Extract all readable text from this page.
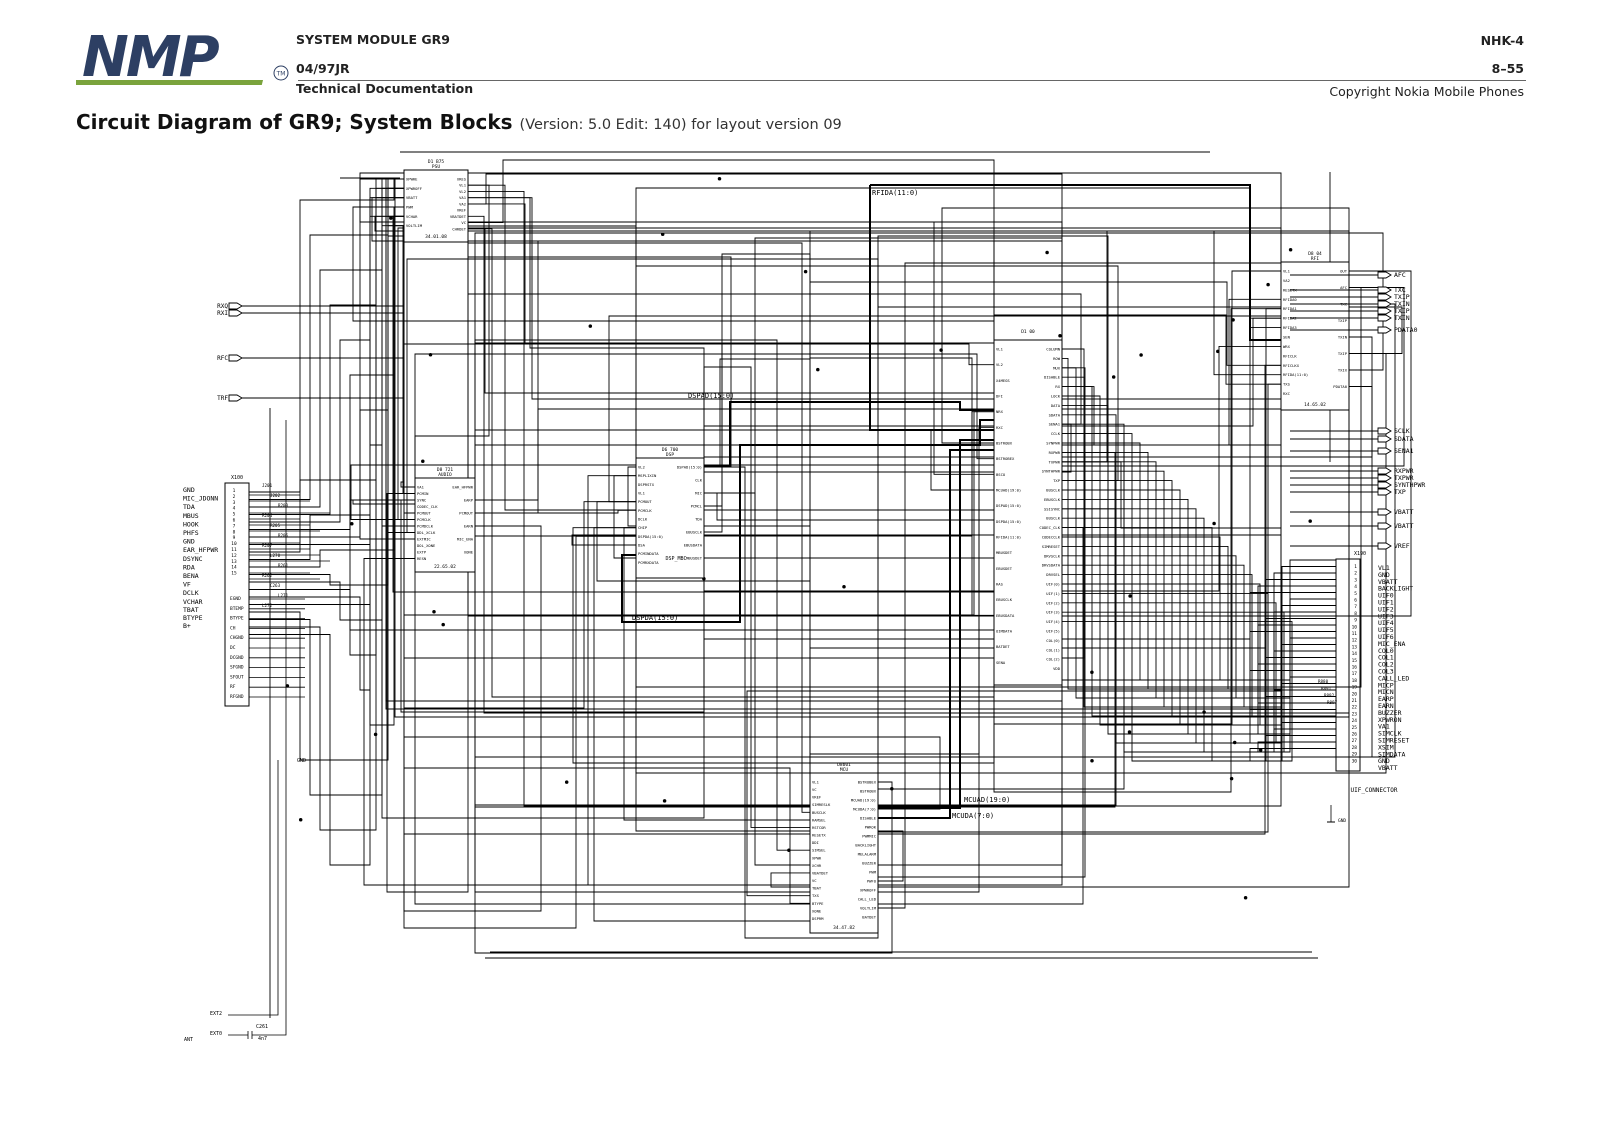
NMP	TM
SYSTEM MODULE GR9
04/97JR
Technical Documentation
NHK-4
8–55
Copyright Nokia Mobile Phones
Circuit Diagram of GR9; System Blocks (Version: 5.0 Edit: 140) for layout version 09
D1 B75
PSU
34.01.08
XPWRE
XPWROFF
VBATT
PWM
VCHAR
VOLTLIM
XRES
VL1
VL2
VA1
VA2
VREF
VBATDET
VC
CHRDET
D8 04
RFI
14.65.02
VL1
VA2
RESETX
RFIDA0
RFIDA1
RFIDA2
RFIDA3
SEN
WRX
RFICLK
RFICLKX
RFIDA(11:0)
TXS
RXC
OUT
AFC
TXC
TXIP
TXIN
TXIP
TXIX
PDATA0
D1 00
VL1
VL2
X4MEGS
DFI
NRX
RXC
BSTROBX
BSTROBEX
BSCO
MCUAD(19:0)
DSPAD(15:0)
DSPDA(15:0)
RFIDA(11:0)
MBUSDET
EBUSDET
RAS
EBUSCLK
EBUSDATA
OIMDATA
BATDET
SENA
COLUMN
ROW
MUX
DISABLE
RX
LOCK
DATA
SDATA
SENA1
CCLK
SYNPWR
RXPWR
TXPWR
SYNTHPWR
TXP
BUSCLK
EBUSCLK
SSISYNC
BUSCLK
CODEC_CLK
CODECCLK
SIMRESET
DRVSCLK
DRVSDATA
DRVSEL
UIF(0)
UIF(1)
UIF(2)
UIF(3)
UIF(4)
UIF(5)
COL(0)
COL(1)
COL(2)
VDD
D6 700
DSP
DSP_MBC
VL2
MSPLIXIN
DSPRSTX
VL1
PCMOUT
PCMCLK
DCLK
CHIP
DSPDA(15:0)
DSA
PCMINDATA
PCMRXDATA
DSPAD(15:0)
CLK
MIC
PCMCL
TDA
EBUSCLK
EBUSDATA
MBUSDET
D8 721
AUDIO
22.65.02
VA1
PCMIN
SYNC
CODEC_CLK
PCMOUT
PCMCLK
PCMDCLK
DDL_XCLK
EXTMIC
DOL_XONE
EXTP
RESN
EAR_HFPWR
EARP
PCMOUT
EARN
MIC_ENA
XONE
D8601
MCU
34.47.82
VL1
VC
VREF
SIMRESLK
BUSCLK
RAMSEL
RSTCOR
RESETX
DDI
SIMSEL
XPWR
XCHR
VBATDET
VC
TBAT
TXS
BTYPE
XONE
DSPRM
BSTROBEX
BSTROBX
MCUAD(19:0)
MCUDA(7:0)
DISABLE
PWROK
PWMMIC
BACKLIGHT
MELALARM
BUZZER
PWM
PWFO
XPWROFF
CALL_LED
VOLTLIM
BATDET
X100
1
2
3
4
5
6
7
8
9
10
11
12
13
14
15
GND
MIC_JDONN
TDA
MBUS
HOOK
PHFS
GND
EAR_HFPWR
DSYNC
RDA
BENA
VF
DCLK
VCHAR
TBAT
BTYPE
B+
EGND
BTEMP
BTYPE
CH
CHGND
DC
DCGND
SFGND
SFOUT
RF
RFGND
J201
J202
R203
R204
R205
R206
R207
L270
R261
R262
C263
L271
L272
X190
1
2
3
4
5
6
7
8
9
10
11
12
13
14
15
16
17
18
19
20
21
22
23
24
25
26
27
28
29
30
VL1
GND
VBATT
BACKLIGHT
UIF0
UIF1
UIF2
UIF3
UIF4
UIF5
UIF6
MIC_ENA
COL0
COL1
COL2
COL3
CALL_LED
MICP
MICN
EARP
EARN
BUZZER
XPWRON
VA1
SIMCLK
SIMRESET
XSIM
SIMDATA
GND
VBATT
UIF_CONNECTOR
GND
R880
R891
R892
R897
RXQ
RXI
RFC
TRF
AFC
TXC
TXIP
TXIN
TXIP
TXIN
PDATA0
SCLK
SDATA
SENA1
RXPWR
TXPWR
SYNTHPWR
TXP
VBATT
VBATT
VREF
RFIDA(11:0)
DSPAD(15:0)
DSPDA(15:0)
MCUAD(19:0)
MCUDA(7:0)
GND
EXT2
EXT0
C261
4n7
ANT
